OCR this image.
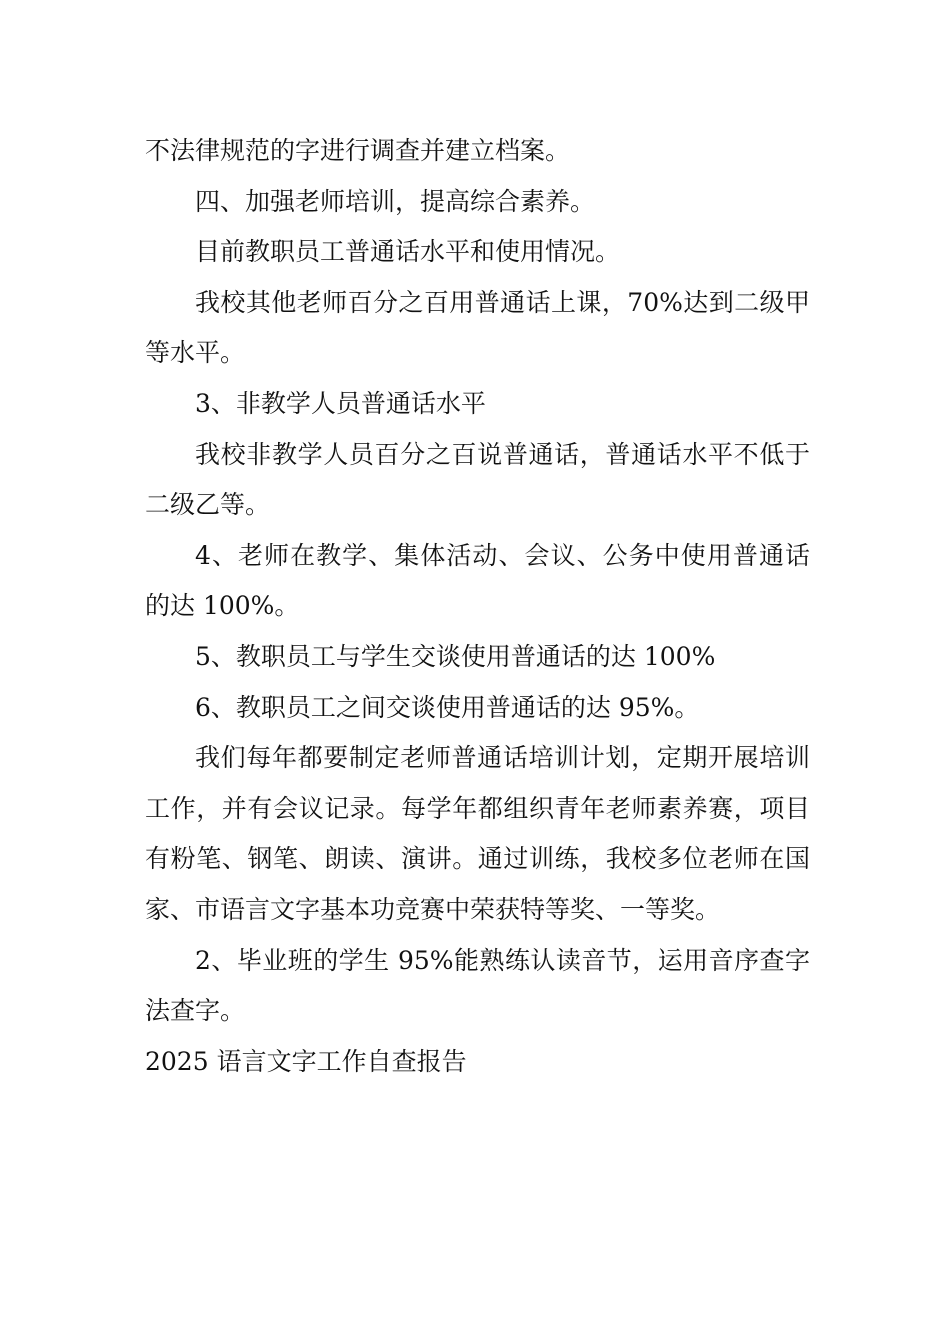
不法律规范的字进行调查并建立档案。

四、加强老师培训，提高综合素养。

目前教职员工普通话水平和使用情况。

我校其他老师百分之百用普通话上课，70%达到二级甲等水平。

3、非教学人员普通话水平

我校非教学人员百分之百说普通话，普通话水平不低于二级乙等。

4、老师在教学、集体活动、会议、公务中使用普通话的达 100%。

5、教职员工与学生交谈使用普通话的达 100%

6、教职员工之间交谈使用普通话的达 95%。

我们每年都要制定老师普通话培训计划，定期开展培训工作，并有会议记录。每学年都组织青年老师素养赛，项目有粉笔、钢笔、朗读、演讲。通过训练，我校多位老师在国家、市语言文字基本功竞赛中荣获特等奖、一等奖。

2、毕业班的学生 95%能熟练认读音节，运用音序查字法查字。

2025 语言文字工作自查报告
